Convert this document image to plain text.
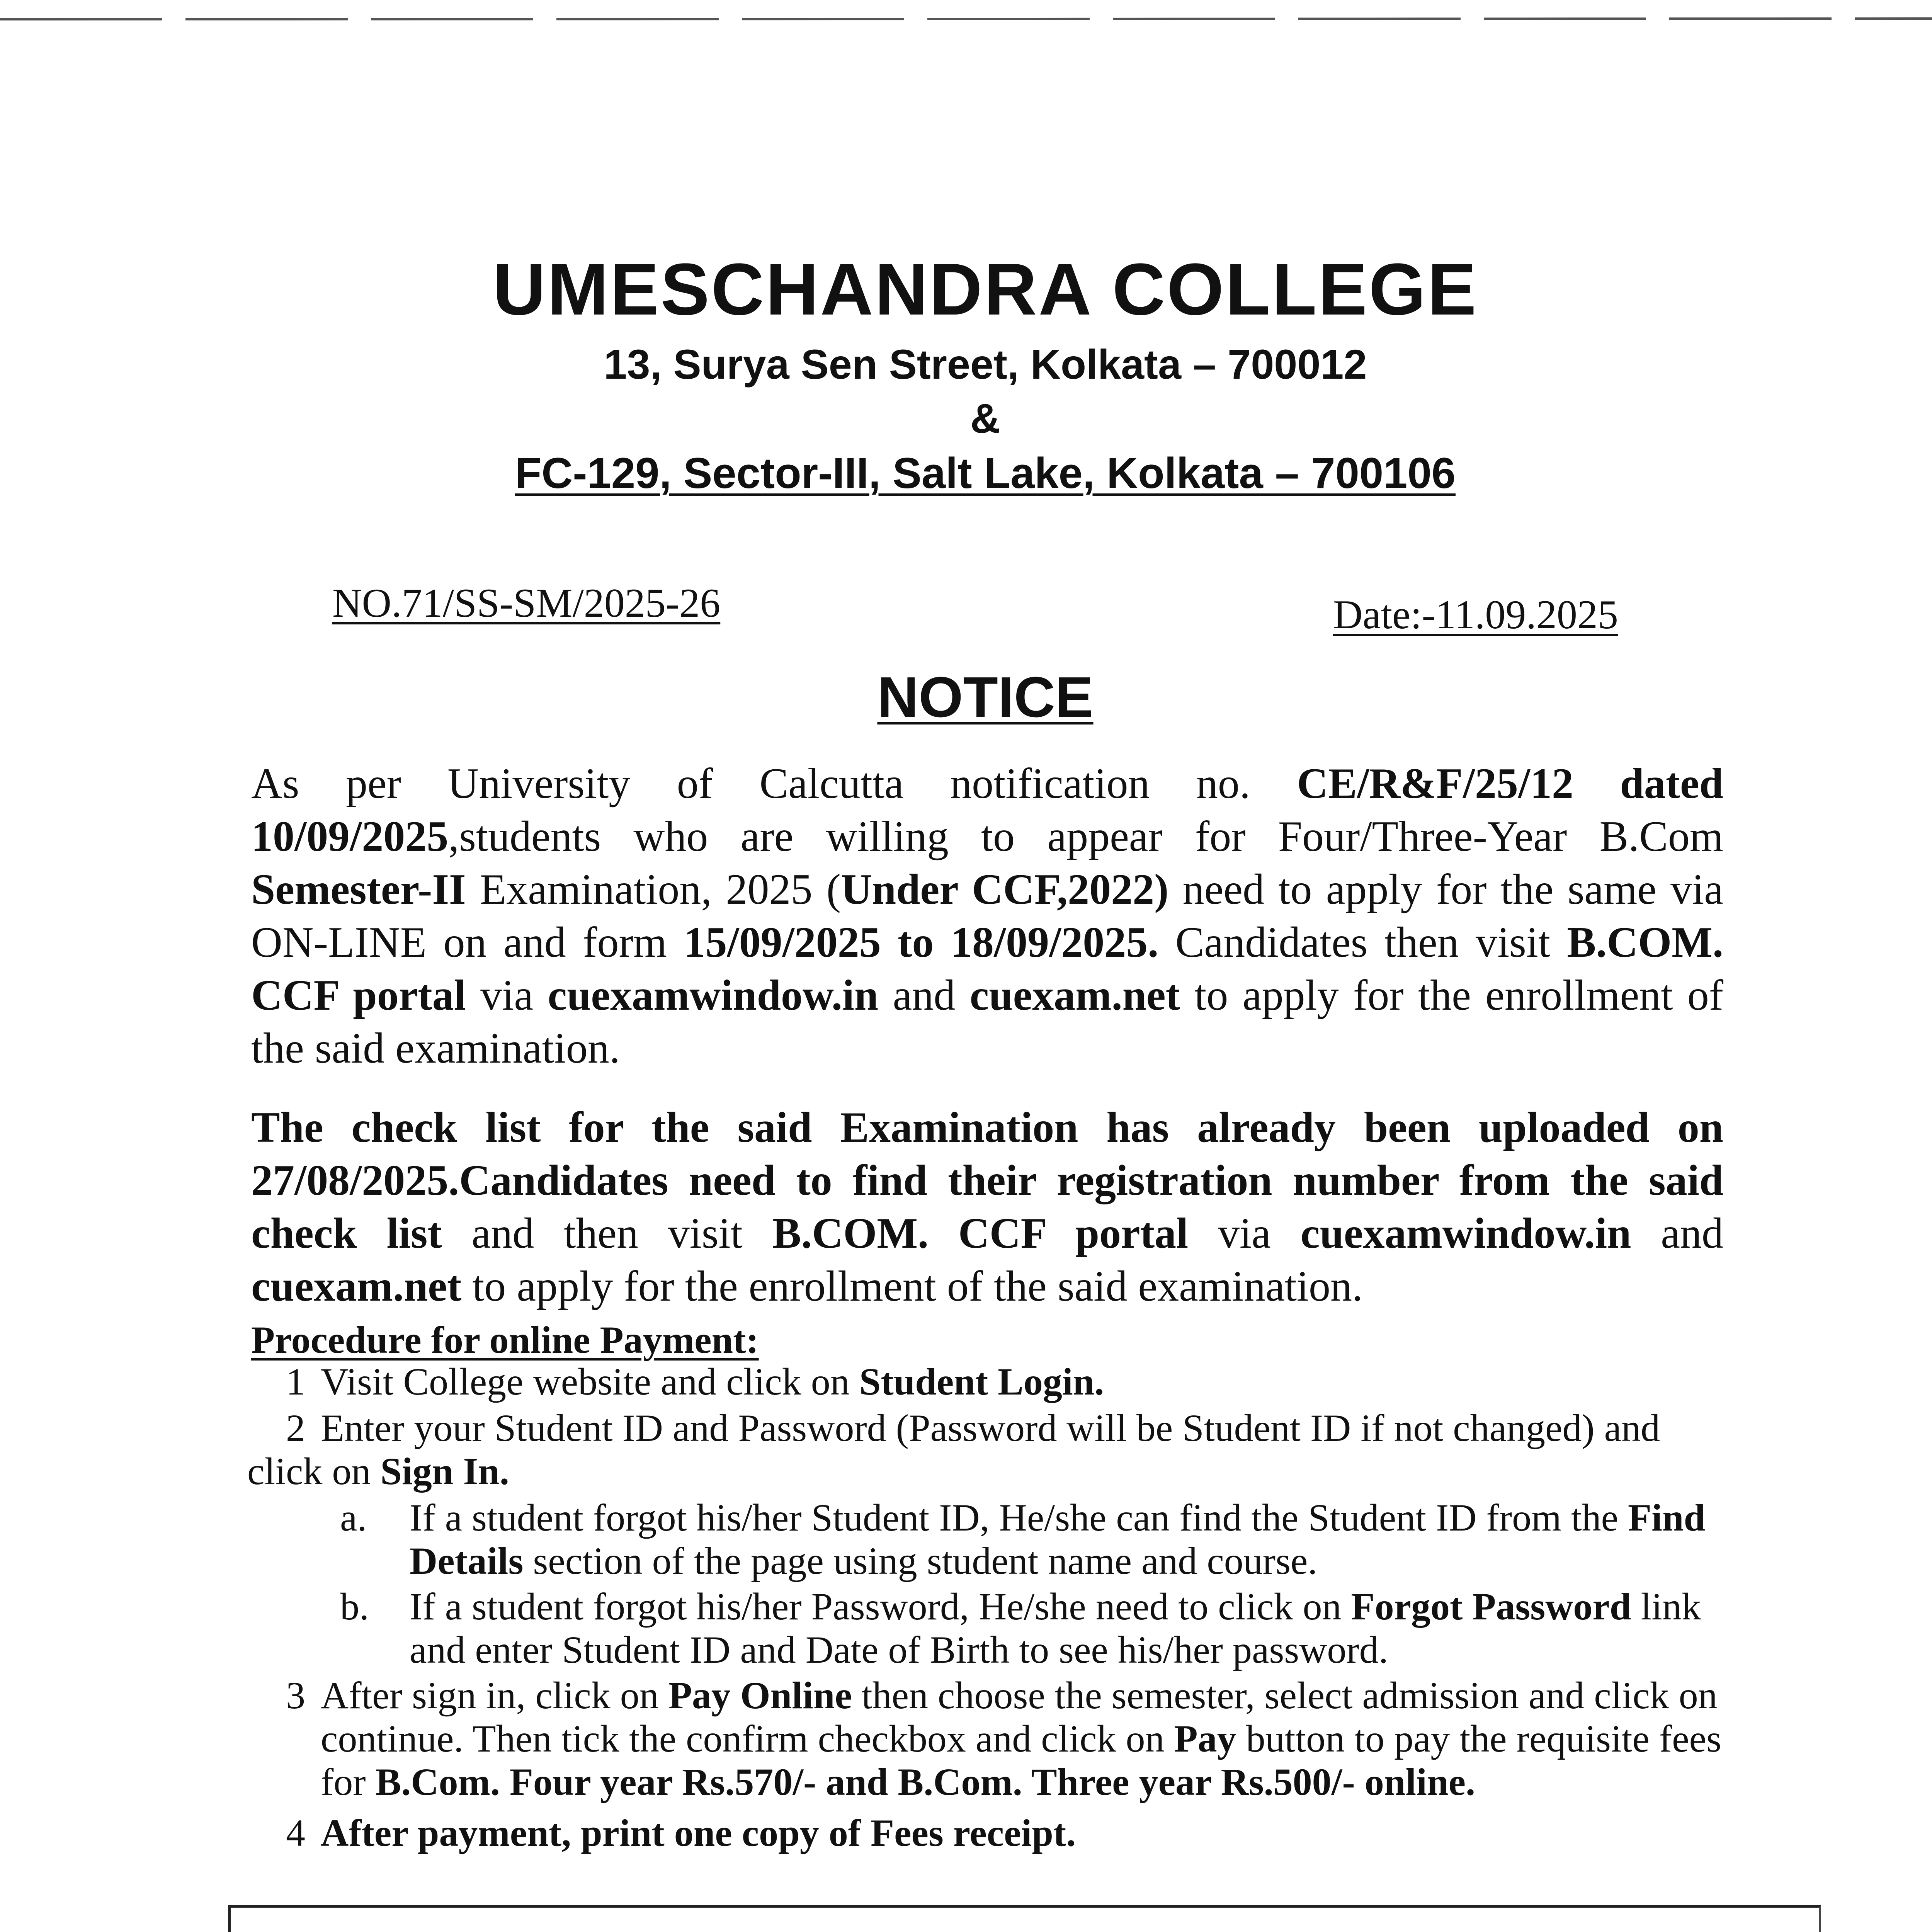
UMESCHANDRA COLLEGE
13, Surya Sen Street, Kolkata – 700012
&
FC-129, Sector-III, Salt Lake, Kolkata – 700106
NO.71/SS-SM/2025-26	Date:-11.09.2025
NOTICE
As per University of Calcutta notification no. CE/R&F/25/12 dated 10/09/2025,students who are willing to appear for Four/Three-Year B.Com Semester-II Examination, 2025 (Under CCF,2022) need to apply for the same via ON-LINE on and form 15/09/2025 to 18/09/2025. Candidates then visit B.COM. CCF portal via cuexamwindow.in and cuexam.net to apply for the enrollment of the said examination.
The check list for the said Examination has already been uploaded on 27/08/2025.Candidates need to find their registration number from the said check list and then visit B.COM. CCF portal via cuexamwindow.in and cuexam.net to apply for the enrollment of the said examination.
Procedure for online Payment:
1 Visit College website and click on Student Login.
2 Enter your Student ID and Password (Password will be Student ID if not changed) and click on Sign In.
a. If a student forgot his/her Student ID, He/she can find the Student ID from the Find Details section of the page using student name and course.
b. If a student forgot his/her Password, He/she need to click on Forgot Password link and enter Student ID and Date of Birth to see his/her password.
3 After sign in, click on Pay Online then choose the semester, select admission and click on continue. Then tick the confirm checkbox and click on Pay button to pay the requisite fees for B.Com. Four year Rs.570/- and B.Com. Three year Rs.500/- online.
4 After payment, print one copy of Fees receipt.
